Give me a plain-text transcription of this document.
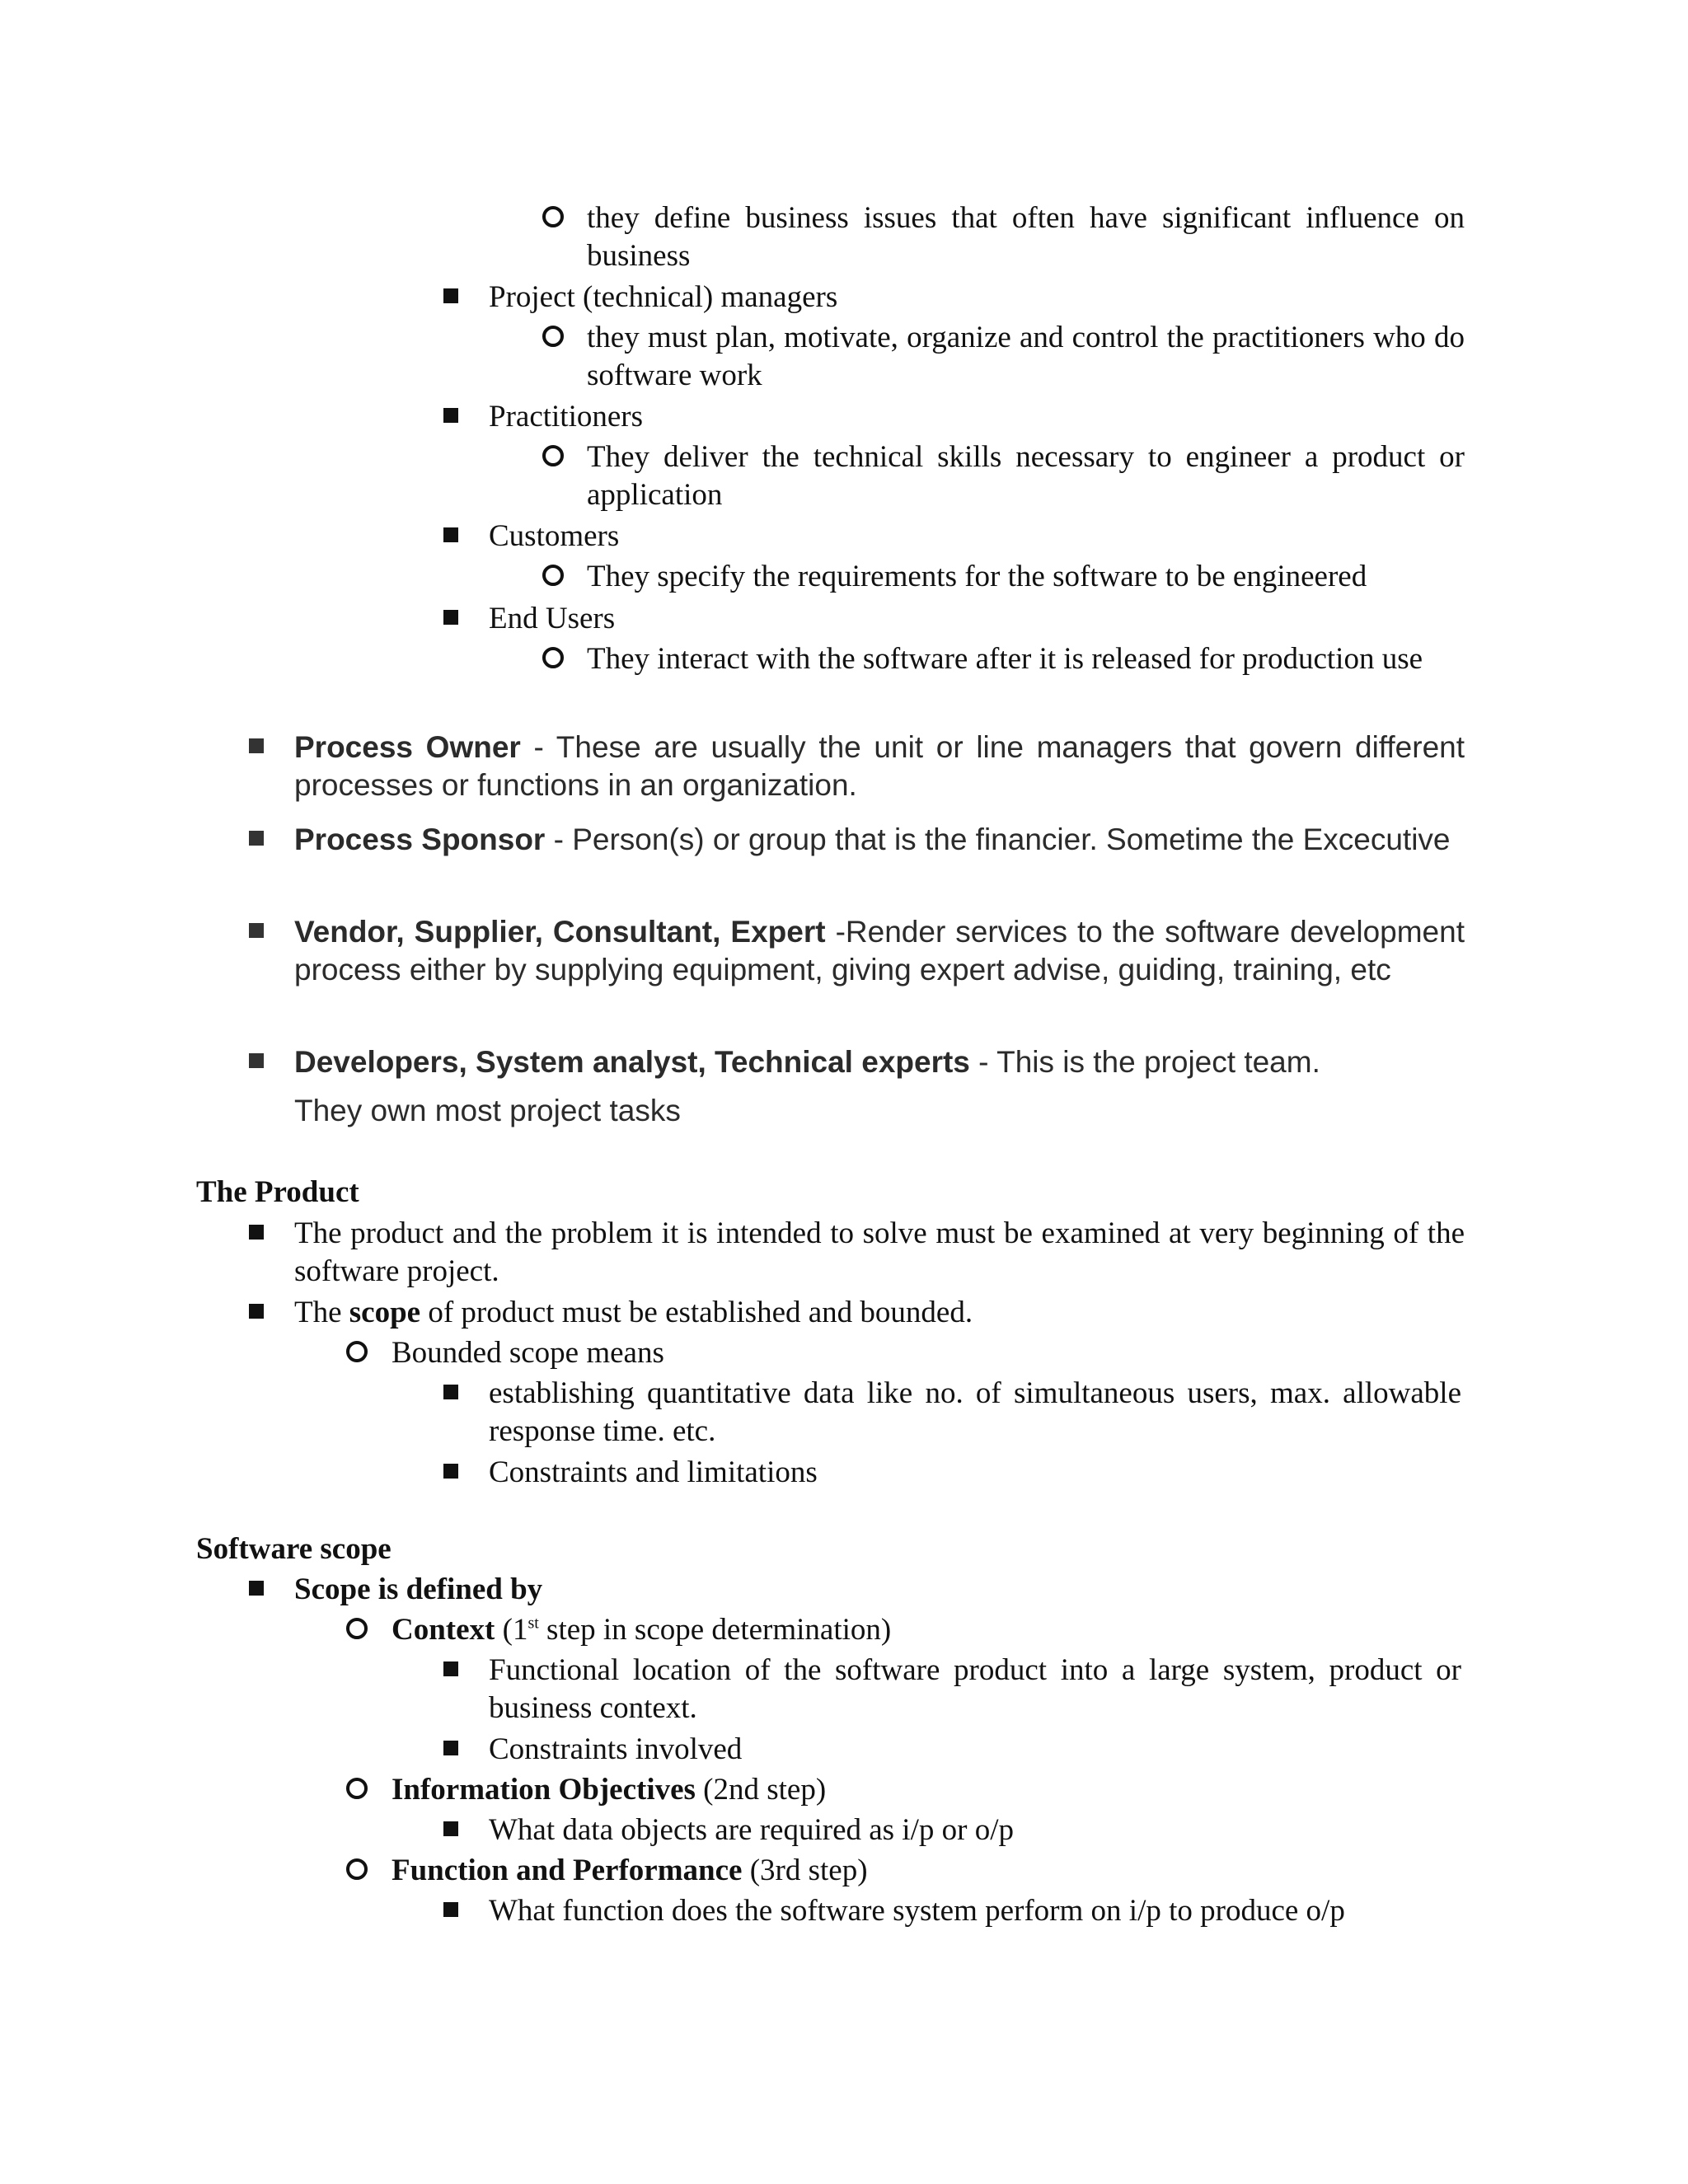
they define business issues that often have significant influence on business
Project (technical) managers
they must plan, motivate, organize and control the practitioners who do software work
Practitioners
They deliver the technical skills necessary to engineer a product or application
Customers
They specify the requirements for the software to be engineered
End Users
They interact with the software after it is released for production use
Process Owner - These are usually the unit or line managers that govern different processes or functions in an organization.
Process Sponsor - Person(s) or group that is the financier. Sometime the Excecutive
Vendor, Supplier, Consultant, Expert -Render services to the software development process either by supplying equipment, giving expert advise, guiding, training, etc
Developers, System analyst, Technical experts - This is the project team.
They own most project tasks
The Product
The product and the problem it is intended to solve must be examined at very beginning of the software project.
The scope of product must be established and bounded.
Bounded scope means
establishing quantitative data like no. of simultaneous users, max. allowable response time. etc.
Constraints and limitations
Software scope
Scope is defined by
Context (1st step in scope determination)
Functional location of the software product into a large system, product or business context.
Constraints involved
Information Objectives (2nd step)
What data objects are required as i/p or o/p
Function and Performance (3rd step)
What function does the software system perform on i/p to produce o/p
